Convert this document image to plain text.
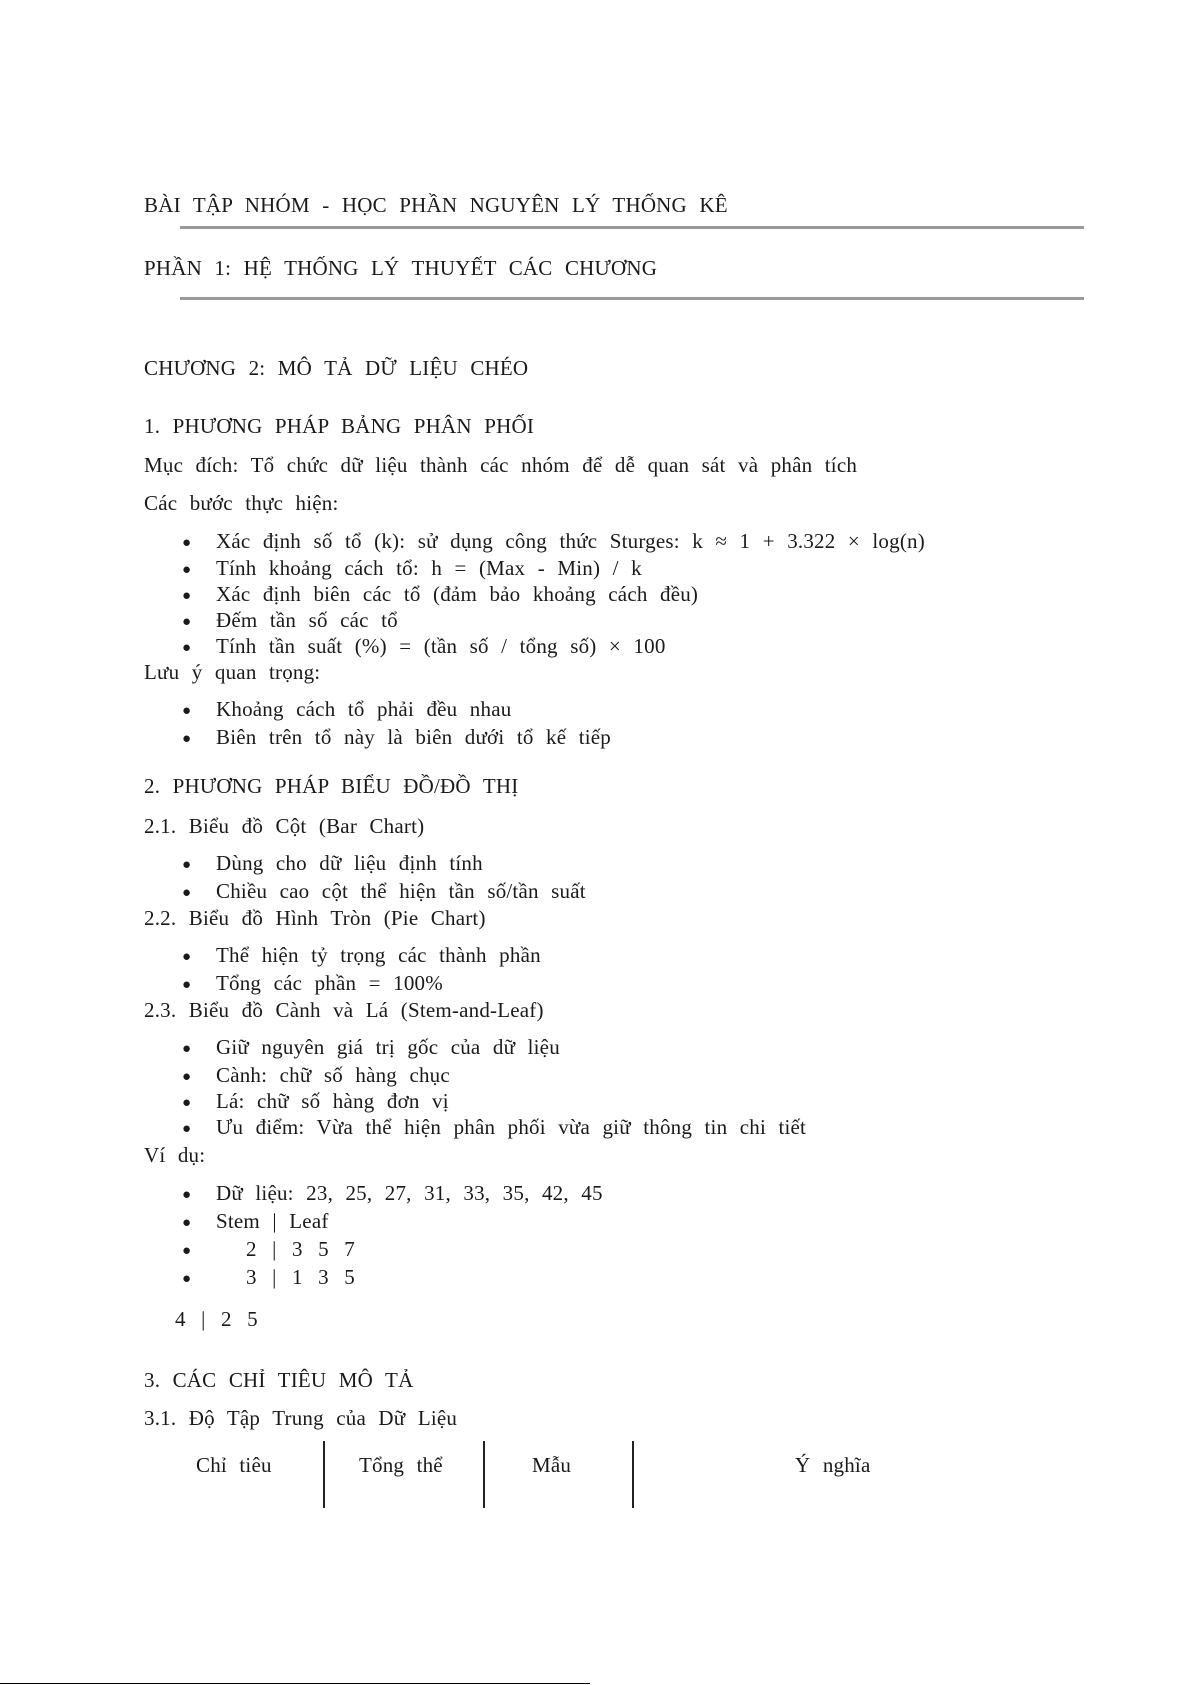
BÀI TẬP NHÓM - HỌC PHẦN NGUYÊN LÝ THỐNG KÊ
PHẦN 1: HỆ THỐNG LÝ THUYẾT CÁC CHƯƠNG
CHƯƠNG 2: MÔ TẢ DỮ LIỆU CHÉO
1. PHƯƠNG PHÁP BẢNG PHÂN PHỐI
Mục đích: Tổ chức dữ liệu thành các nhóm để dễ quan sát và phân tích
Các bước thực hiện:
● Xác định số tổ (k): sử dụng công thức Sturges: k ≈ 1 + 3.322 × log(n)
● Tính khoảng cách tổ: h = (Max - Min) / k
● Xác định biên các tổ (đảm bảo khoảng cách đều)
● Đếm tần số các tổ
● Tính tần suất (%) = (tần số / tổng số) × 100
Lưu ý quan trọng:
● Khoảng cách tổ phải đều nhau
● Biên trên tổ này là biên dưới tổ kế tiếp
2. PHƯƠNG PHÁP BIỂU ĐỒ/ĐỒ THỊ
2.1. Biểu đồ Cột (Bar Chart)
● Dùng cho dữ liệu định tính
● Chiều cao cột thể hiện tần số/tần suất
2.2. Biểu đồ Hình Tròn (Pie Chart)
● Thể hiện tỷ trọng các thành phần
● Tổng các phần = 100%
2.3. Biểu đồ Cành và Lá (Stem-and-Leaf)
● Giữ nguyên giá trị gốc của dữ liệu
● Cành: chữ số hàng chục
● Lá: chữ số hàng đơn vị
● Ưu điểm: Vừa thể hiện phân phối vừa giữ thông tin chi tiết
Ví dụ:
● Dữ liệu: 23, 25, 27, 31, 33, 35, 42, 45
● Stem | Leaf
●	2 | 3 5 7
●	3 | 1 3 5
4 | 2 5
3. CÁC CHỈ TIÊU MÔ TẢ
3.1. Độ Tập Trung của Dữ Liệu
Chỉ tiêu	Tổng thể	Mẫu	Ý nghĩa
